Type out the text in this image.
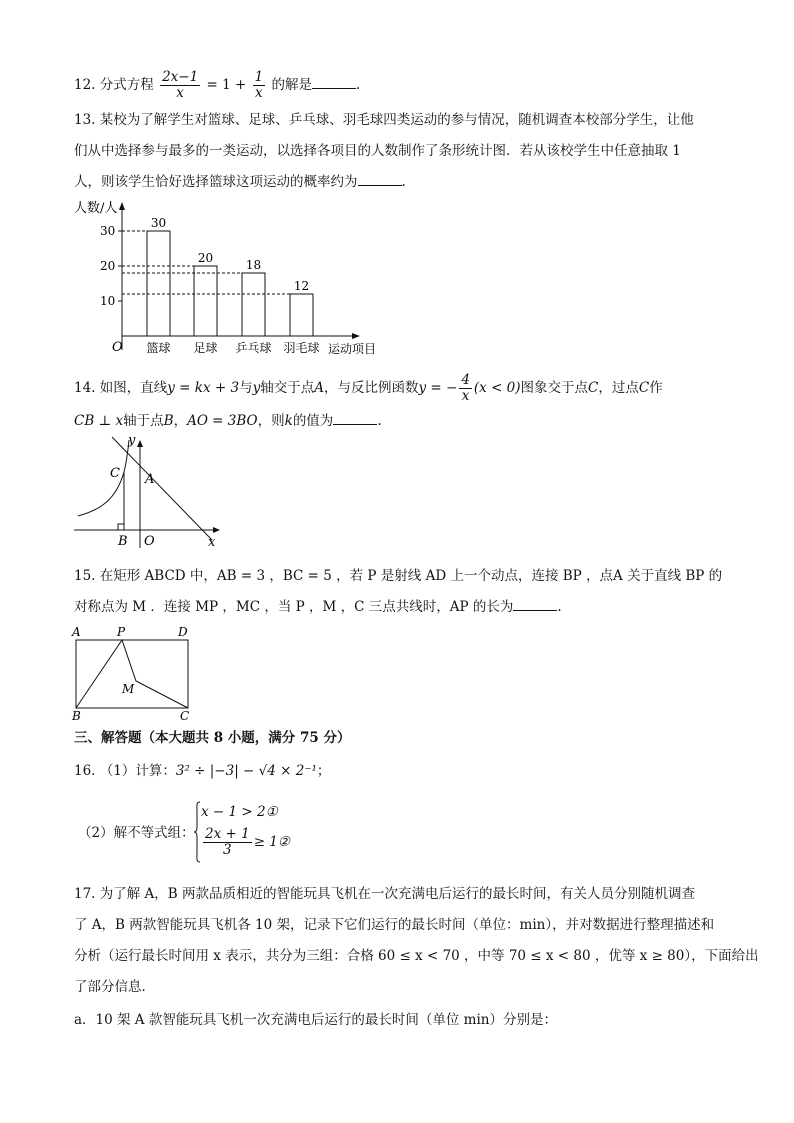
12. 分式方程 $\frac{2x-1}{x} = 1 + \frac{1}{x}$ 的解是	.
13. 某校为了解学生对篮球、足球、乒乓球、羽毛球四类运动的参与情况，随机调查本校部分学生，让他
们从中选择参与最多的一类运动，以选择各项目的人数制作了条形统计图．若从该校学生中任意抽取 1
人，则该学生恰好选择篮球这项运动的概率约为	.
人数/人
O	运动项目
10
20
30
30
篮球
20
足球
18
乒乓球
12
羽毛球
14. 如图，直线y = kx + 3与y轴交于点A，与反比例函数y = − $\frac{4}{x} (x < 0)$图象交于点C，过点C作
CB ⊥ x轴于点B，AO = 3BO，则k的值为	.
y
x
C A
B O
15. 在矩形 ABCD 中，AB = 3 ，BC = 5 ，若 P 是射线 AD 上一个动点，连接 BP ，点A 关于直线 BP 的
对称点为 M ．连接 MP ，MC ，当 P ，M ，C 三点共线时，AP 的长为	.
A	P	D
M
B	C
三、解答题（本大题共 8 小题，满分 75 分）
16. （1）计算：3² ÷ |−3| − √4 × 2⁻¹；
（2）解不等式组：
x − 1 > 2①
$\frac{2x + 1}{3}$ ≥ 1②
17. 为了解 A，B 两款品质相近的智能玩具飞机在一次充满电后运行的最长时间，有关人员分别随机调查
了 A，B 两款智能玩具飞机各 10 架，记录下它们运行的最长时间（单位：min），并对数据进行整理描述和
分析（运行最长时间用 x 表示，共分为三组：合格 60 ≤ x < 70 ，中等 70 ≤ x < 80 ，优等 x ≥ 80），下面给出
了部分信息．
a．10 架 A 款智能玩具飞机一次充满电后运行的最长时间（单位 min）分别是：
